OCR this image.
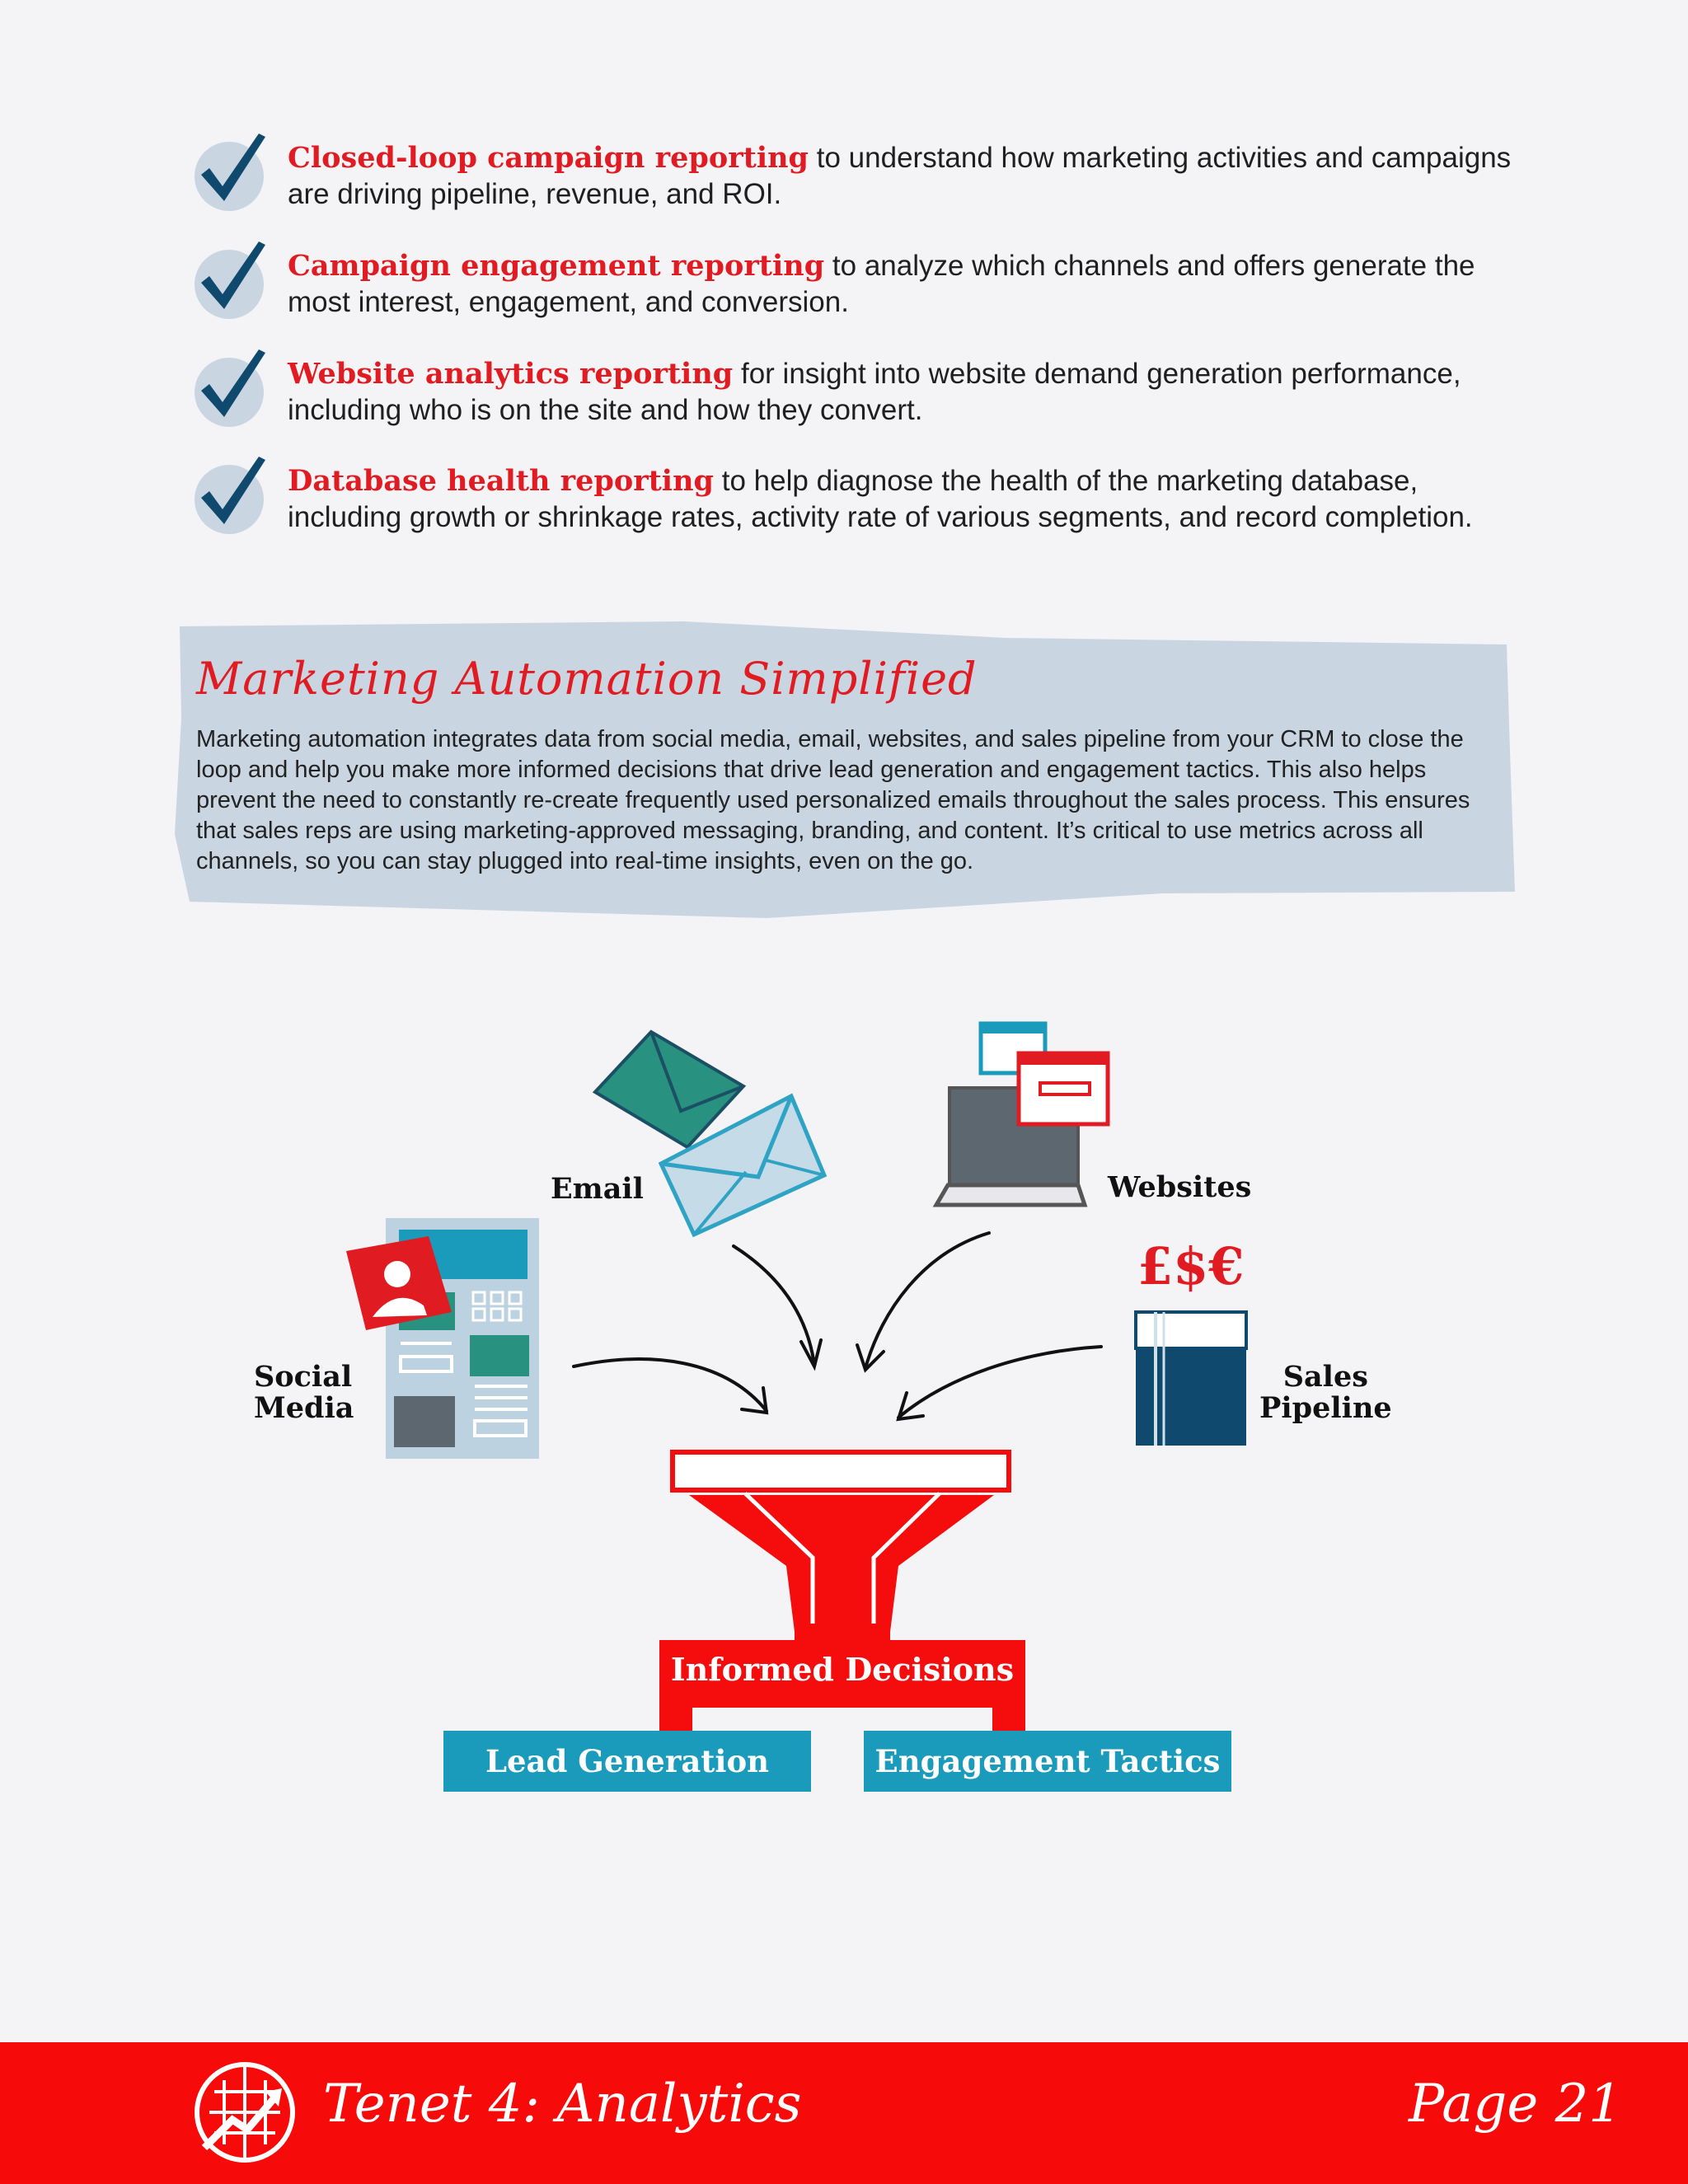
Closed-loop campaign reporting to understand how marketing activities and campaigns are driving pipeline, revenue, and ROI.
Campaign engagement reporting to analyze which channels and offers generate the most interest, engagement, and conversion.
Website analytics reporting for insight into website demand generation performance, including who is on the site and how they convert.
Database health reporting to help diagnose the health of the marketing database, including growth or shrinkage rates, activity rate of various segments, and record completion.
Marketing Automation Simplified
Marketing automation integrates data from social media, email, websites, and sales pipeline from your CRM to close the loop and help you make more informed decisions that drive lead generation and engagement tactics. This also helps prevent the need to constantly re-create frequently used personalized emails throughout the sales process. This ensures that sales reps are using marketing-approved messaging, branding, and content. It’s critical to use metrics across all channels, so you can stay plugged into real-time insights, even on the go.
£$€
Email	Websites
Social
Media
Sales
Pipeline
Informed Decisions
Lead Generation	Engagement Tactics
Tenet 4: Analytics	Page 21
